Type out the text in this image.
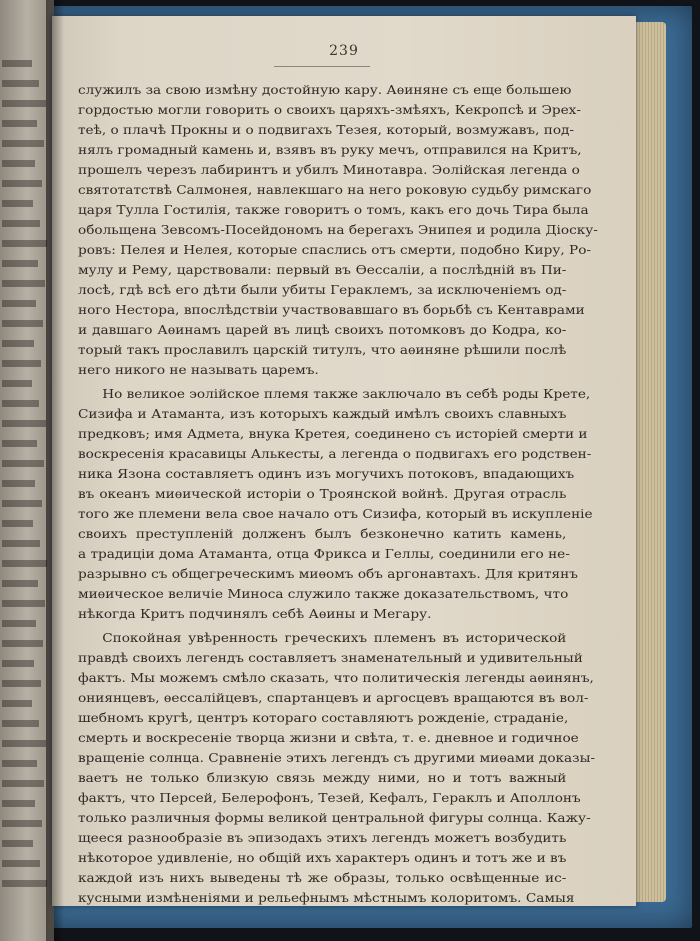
239
служилъ за свою измѣну достойную кару. Аѳиняне съ еще большею
гордостью могли говорить о своихъ царяхъ-змѣяхъ, Кекропсѣ и Эрех-
теѣ, о плачѣ Прокны и о подвигахъ Тезея, который, возмужавъ, под-
нялъ громадный камень и, взявъ въ руку мечъ, отправился на Критъ,
прошелъ черезъ лабиринтъ и убилъ Минотавра. Эолійская легенда о
святотатствѣ Салмонея, навлекшаго на него роковую судьбу римскаго
царя Тулла Гостилія, также говоритъ о томъ, какъ его дочь Тира была
обольщена Зевсомъ-Посейдономъ на берегахъ Энипея и родила Діоску-
ровъ: Пелея и Нелея, которые спаслись отъ смерти, подобно Киру, Ро-
мулу и Рему, царствовали: первый въ Ѳессаліи, а послѣдній въ Пи-
лосѣ, гдѣ всѣ его дѣти были убиты Гераклемъ, за исключеніемъ од-
ного Нестора, впослѣдствіи участвовавшаго въ борьбѣ съ Кентаврами
и давшаго Аѳинамъ царей въ лицѣ своихъ потомковъ до Кодра, ко-
торый такъ прославилъ царскій титулъ, что аѳиняне рѣшили послѣ
него никого не называть царемъ.
Но великое эолійское племя также заключало въ себѣ роды Крете,
Сизифа и Атаманта, изъ которыхъ каждый имѣлъ своихъ славныхъ
предковъ; имя Адмета, внука Кретея, соединено съ исторіей смерти и
воскресенія красавицы Алькесты, а легенда о подвигахъ его родствен-
ника Язона составляетъ одинъ изъ могучихъ потоковъ, впадающихъ
въ океанъ миѳической исторіи о Троянской войнѣ. Другая отрасль
того же племени вела свое начало отъ Сизифа, который въ искупленіе
своихъ преступленій долженъ былъ безконечно катить камень,
а традиціи дома Атаманта, отца Фрикса и Геллы, соединили его не-
разрывно съ общегреческимъ миѳомъ объ аргонавтахъ. Для критянъ
миѳическое величіе Миноса служило также доказательствомъ, что
нѣкогда Критъ подчинялъ себѣ Аѳины и Мегару.
Спокойная увѣренность греческихъ племенъ въ исторической
правдѣ своихъ легендъ составляетъ знаменательный и удивительный
фактъ. Мы можемъ смѣло сказать, что политическія легенды аѳинянъ,
ониянцевъ, ѳессалійцевъ, спартанцевъ и аргосцевъ вращаются въ вол-
шебномъ кругѣ, центръ котораго составляютъ рожденіе, страданіе,
смерть и воскресеніе творца жизни и свѣта, т. е. дневное и годичное
вращеніе солнца. Сравненіе этихъ легендъ съ другими миѳами доказы-
ваетъ не только близкую связь между ними, но и тотъ важный
фактъ, что Персей, Белерофонъ, Тезей, Кефалъ, Гераклъ и Аполлонъ
только различныя формы великой центральной фигуры солнца. Кажу-
щееся разнообразіе въ эпизодахъ этихъ легендъ можетъ возбудить
нѣкоторое удивленіе, но общій ихъ характеръ одинъ и тотъ же и въ
каждой изъ нихъ выведены тѣ же образы, только освѣщенные ис-
кусными измѣненіями и рельефнымъ мѣстнымъ колоритомъ. Самыя
